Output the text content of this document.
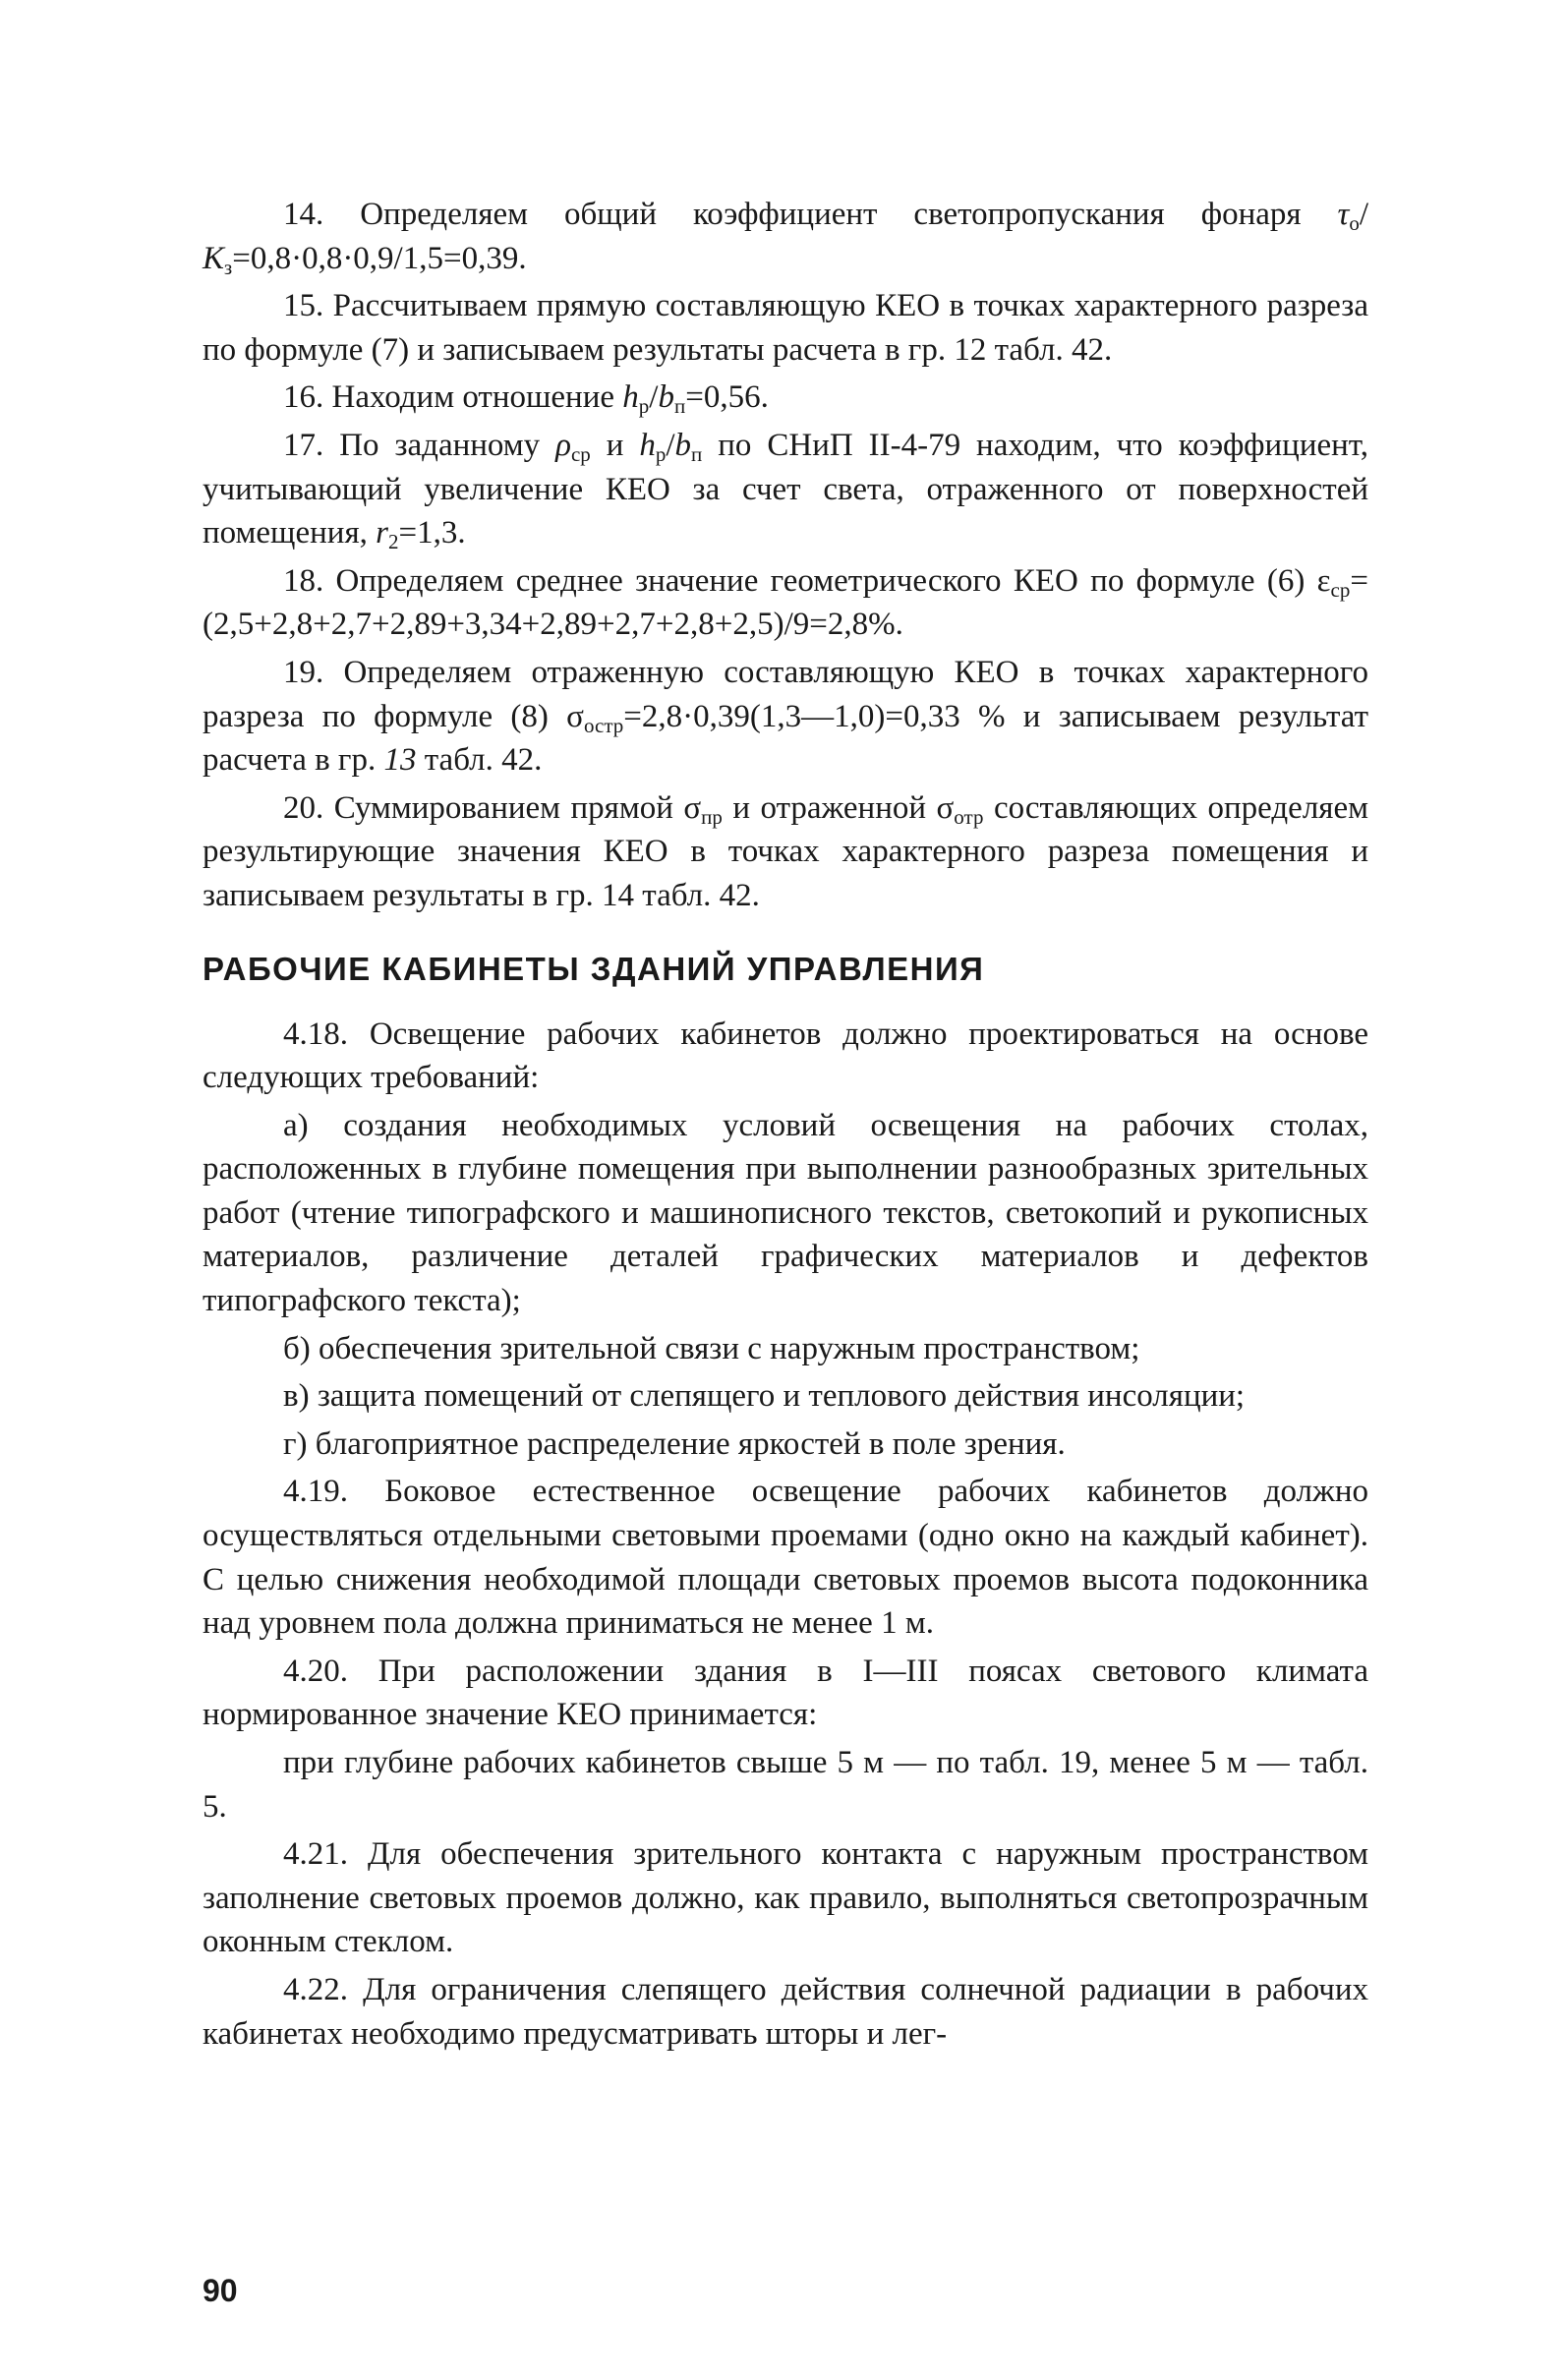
14. Определяем общий коэффициент светопропускания фонаря $\tau_о/К_з=0,8\cdot 0,8\cdot 0,9/1,5=0,39$.

15. Рассчитываем прямую составляющую КЕО в точках характерного разреза по формуле (7) и записываем результаты расчета в гр. 12 табл. 42.

16. Находим отношение $h_р/b_п=0,56$.

17. По заданному $\rho_{ср}$ и $h_р/b_п$ по СНиП II-4-79 находим, что коэффициент, учитывающий увеличение КЕО за счет света, отраженного от поверхностей помещения, $r_2=1,3$.

18. Определяем среднее значение геометрического КЕО по формуле (6) $\varepsilon_{ср}=(2,5+2,8+2,7+2,89+3,34+2,89+2,7+2,8+2,5)/9=2,8\%$.

19. Определяем отраженную составляющую КЕО в точках характерного разреза по формуле (8) $\sigma_{остр}=2,8\cdot 0,39(1,3—1,0)=0,33$ % и записываем результат расчета в гр. 13 табл. 42.

20. Суммированием прямой $\sigma_{пр}$ и отраженной $\sigma_{отр}$ составляющих определяем результирующие значения КЕО в точках характерного разреза помещения и записываем результаты в гр. 14 табл. 42.

РАБОЧИЕ КАБИНЕТЫ ЗДАНИЙ УПРАВЛЕНИЯ

4.18. Освещение рабочих кабинетов должно проектироваться на основе следующих требований:

а) создания необходимых условий освещения на рабочих столах, расположенных в глубине помещения при выполнении разнообразных зрительных работ (чтение типографского и машинописного текстов, светокопий и рукописных материалов, различение деталей графических материалов и дефектов типографского текста);

б) обеспечения зрительной связи с наружным пространством;

в) защита помещений от слепящего и теплового действия инсоляции;

г) благоприятное распределение яркостей в поле зрения.

4.19. Боковое естественное освещение рабочих кабинетов должно осуществляться отдельными световыми проемами (одно окно на каждый кабинет). С целью снижения необходимой площади световых проемов высота подоконника над уровнем пола должна приниматься не менее 1 м.

4.20. При расположении здания в I—III поясах светового климата нормированное значение КЕО принимается:

при глубине рабочих кабинетов свыше 5 м — по табл. 19, менее 5 м — табл. 5.

4.21. Для обеспечения зрительного контакта с наружным пространством заполнение световых проемов должно, как правило, выполняться светопрозрачным оконным стеклом.

4.22. Для ограничения слепящего действия солнечной радиации в рабочих кабинетах необходимо предусматривать шторы и лег-

90
